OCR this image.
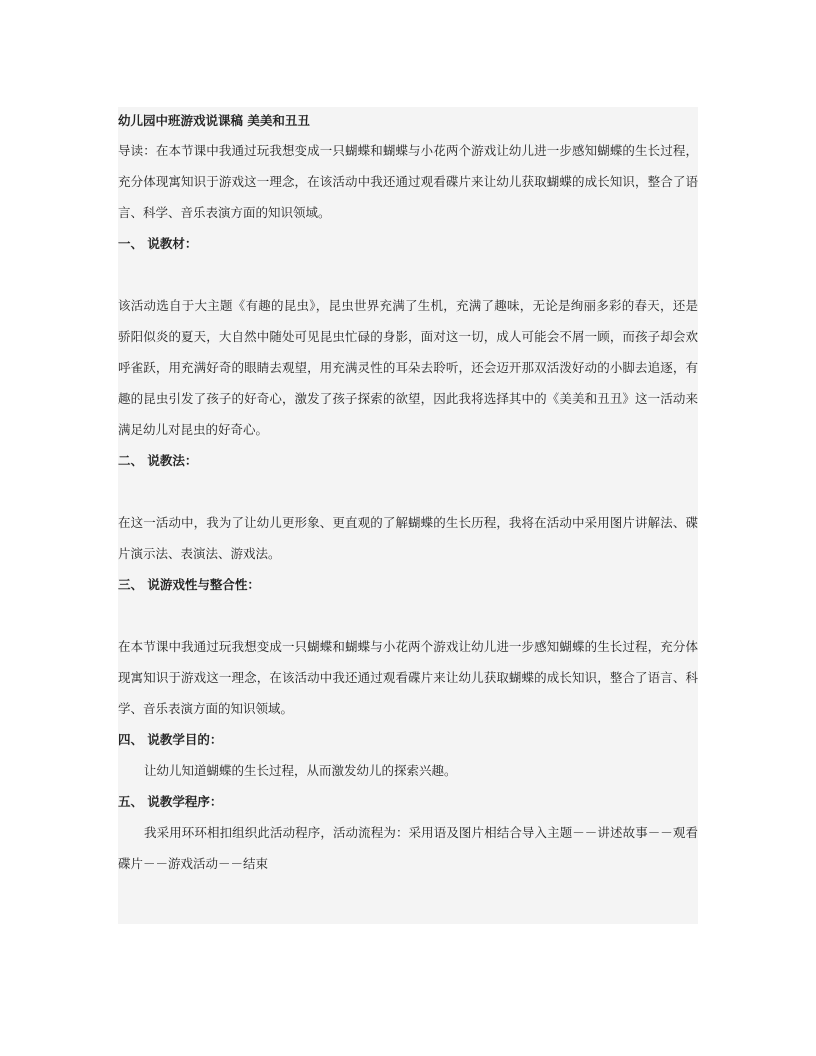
幼儿园中班游戏说课稿 美美和丑丑

导读：在本节课中我通过玩我想变成一只蝴蝶和蝴蝶与小花两个游戏让幼儿进一步感知蝴蝶的生长过程，充分体现寓知识于游戏这一理念，在该活动中我还通过观看碟片来让幼儿获取蝴蝶的成长知识，整合了语言、科学、音乐表演方面的知识领域。

一、 说教材：

该活动选自于大主题《有趣的昆虫》，昆虫世界充满了生机，充满了趣味，无论是绚丽多彩的春天，还是骄阳似炎的夏天，大自然中随处可见昆虫忙碌的身影，面对这一切，成人可能会不屑一顾，而孩子却会欢呼雀跃，用充满好奇的眼睛去观望，用充满灵性的耳朵去聆听，还会迈开那双活泼好动的小脚去追逐，有趣的昆虫引发了孩子的好奇心，激发了孩子探索的欲望，因此我将选择其中的《美美和丑丑》这一活动来满足幼儿对昆虫的好奇心。

二、 说教法：

在这一活动中，我为了让幼儿更形象、更直观的了解蝴蝶的生长历程，我将在活动中采用图片讲解法、碟片演示法、表演法、游戏法。

三、 说游戏性与整合性：

在本节课中我通过玩我想变成一只蝴蝶和蝴蝶与小花两个游戏让幼儿进一步感知蝴蝶的生长过程，充分体现寓知识于游戏这一理念，在该活动中我还通过观看碟片来让幼儿获取蝴蝶的成长知识，整合了语言、科学、音乐表演方面的知识领域。

四、 说教学目的：

让幼儿知道蝴蝶的生长过程，从而激发幼儿的探索兴趣。

五、 说教学程序：

我采用环环相扣组织此活动程序，活动流程为：采用语及图片相结合导入主题－－讲述故事－－观看碟片－－游戏活动－－结束
